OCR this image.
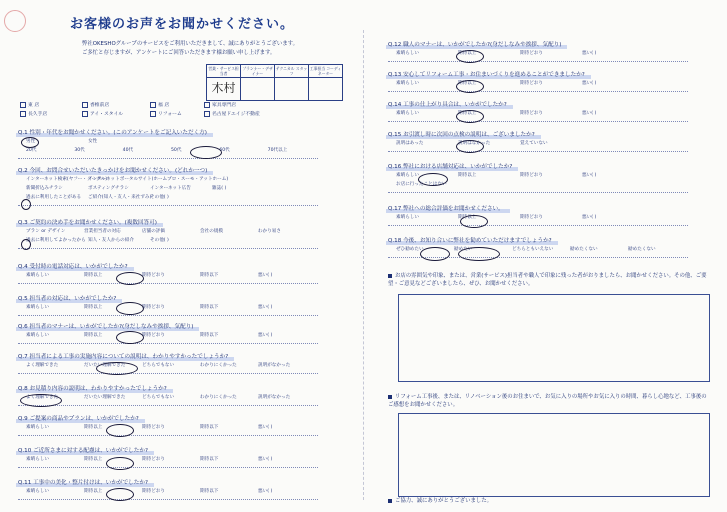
お客様のお声をお聞かせください。
弊社OKESHOグループのサービスをご利用いただきまして、誠にありがとうございます。
ご多忙と存じますが、アンケートにご回答いただきます様お願い申し上げます。
営業・サービス担当者	プランナー・デザイナー	テクニカル スタッフ	工事担当 コーディネーター
木村			
東 店	香椎前店	福 店	家具専門店
長久手店	アイ・スタイル	リフォーム	名古屋ドエイジ不動産
Q.1 性別・年代をお聞かせください。(このアンケートをご記入いただく方)
男性	女性
20代	30代	40代	50代	60代	70代以上
Q.2 今回、お問合せいただいたきっかけをお聞かせください。(どれか一つ)
インターネット検索(ヤフー・グーグル)
インターネットポータルサイト(ホームプロ・スーモ・アットホーム)
新聞折込みチラシ	ポスティングチラシ	インターネット広告	雑誌( )
過去に利用したことがある ご紹介(知人・友人・来社ずみ)
その他( )
Q.3 ご契約の決め手をお聞かせください。(複数回答可)
プラン or デザイン	営業担当者の対応	店舗の評価	会社の規模	わかり易さ
過去に利用してよかったから 知人・友人からの紹介	その他( )
Q.4 受付時の電話対応は、いかがでしたか?
素晴らしい	期待以上	期待どおり	期待以下	悪い( )
Q.5 担当者の対応は、いかがでしたか?
素晴らしい	期待以上	期待どおり	期待以下	悪い( )
Q.6 担当者のマナーは、いかがでしたか?(身だしなみや挨拶、気配り)
素晴らしい	期待以上	期待どおり	期待以下	悪い( )
Q.7 担当者による工事の実施内容についての説明は、わかりやすかったでしょうか?
よく理解できた	だいたい理解できた	どちらでもない	わかりにくかった	説明がなかった
Q.8 お見積り内容の説明は、わかりやすかったでしょうか?
よく理解できた	だいたい理解できた	どちらでもない	わかりにくかった	説明がなかった
Q.9 ご提案の商品やプランは、いかがでしたか?
素晴らしい	期待以上	期待どおり	期待以下	悪い( )
Q.10 ご近所さまに対する配慮は、いかがでしたか?
素晴らしい	期待以上	期待どおり	期待以下	悪い( )
Q.11 工事中の美化・整片付けは、いかがでしたか?
素晴らしい	期待以上	期待どおり	期待以下	悪い( )
Q.12 職人のマナーは、いかがでしたか?(身だしなみや挨拶、気配り)
素晴らしい	期待以上	期待どおり	悪い( )
Q.13 安心してリフォーム工事・お住まいづくりを進めることができましたか?
素晴らしい	期待以上	期待どおり	悪い( )
Q.14 工事の仕上がり具合は、いかがでしたか?
素晴らしい	期待以上	期待どおり	悪い( )
Q.15 お引渡し時に次回の点検の説明は、ございましたか?
説明はあった	説明はなかった	覚えていない
Q.16 弊社における店舗対応は、いかがでしたか?
素晴らしい	期待以上	期待どおり	悪い( )
お店に行ったことはない
Q.17 弊社への総合評価をお聞かせください。
素晴らしい	期待以上	期待どおり	悪い( )
Q.18 今後、お知り合いに弊社を勧めていただけますでしょうか?
ぜひ勧めたい	勧めたい	どちらともいえない	勧めたくない	勧めたくない
お店の雰囲気や印象、または、営業(サービス)担当者や職人で印象に残った者がおりましたら、お聞かせください。その他、ご要望・ご意見などございましたら、ぜひ、お聞かせください。
リフォーム工事後、または、リノベーション後のお住まいで、お気に入りの場所やお気に入りの時間、暮らし心地など、工事後のご感想をお聞かせください。
ご協力、誠にありがとうございました。
